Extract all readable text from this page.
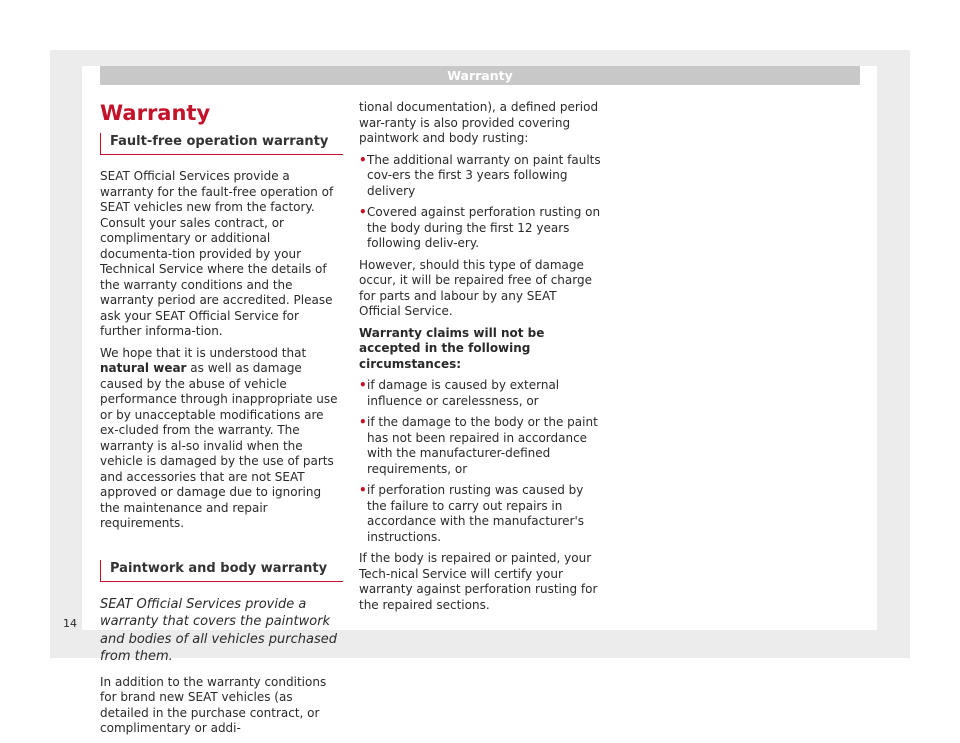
Warranty
Warranty
Fault-free operation warranty

SEAT Official Services provide a warranty for the fault-free operation of SEAT vehicles new from the factory. Consult your sales contract, or complimentary or additional documenta-tion provided by your Technical Service where the details of the warranty conditions and the warranty period are accredited. Please ask your SEAT Official Service for further informa-tion.

We hope that it is understood that natural wear as well as damage caused by the abuse of vehicle performance through inappropriate use or by unacceptable modifications are ex-cluded from the warranty. The warranty is al-so invalid when the vehicle is damaged by the use of parts and accessories that are not SEAT approved or damage due to ignoring the maintenance and repair requirements.

Paintwork and body warranty

SEAT Official Services provide a warranty that covers the paintwork and bodies of all vehicles purchased from them.

In addition to the warranty conditions for brand new SEAT vehicles (as detailed in the purchase contract, or complimentary or addi-

tional documentation), a defined period war-ranty is also provided covering paintwork and body rusting:

• The additional warranty on paint faults cov-ers the first 3 years following delivery

• Covered against perforation rusting on the body during the first 12 years following deliv-ery.

However, should this type of damage occur, it will be repaired free of charge for parts and labour by any SEAT Official Service.

Warranty claims will not be accepted in the following circumstances:

• if damage is caused by external influence or carelessness, or

• if the damage to the body or the paint has not been repaired in accordance with the manufacturer-defined requirements, or

• if perforation rusting was caused by the failure to carry out repairs in accordance with the manufacturer's instructions.

If the body is repaired or painted, your Tech-nical Service will certify your warranty against perforation rusting for the repaired sections.

14
